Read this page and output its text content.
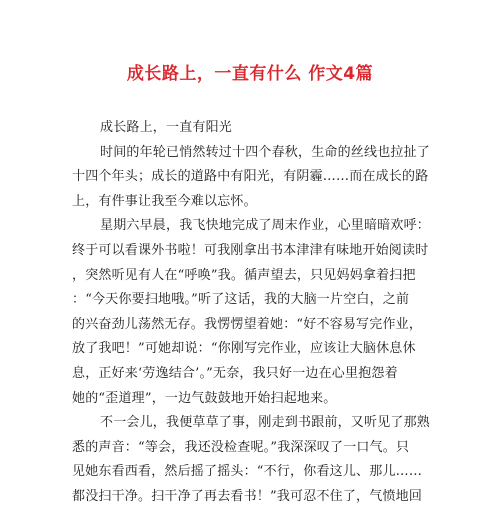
成长路上，一直有什么 作文4篇
成长路上，一直有阳光
时间的年轮已悄然转过十四个春秋，生命的丝线也拉扯了
十四个年头；成长的道路中有阳光，有阴霾……而在成长的路
上，有件事让我至今难以忘怀。
星期六早晨，我飞快地完成了周末作业，心里暗暗欢呼：
终于可以看课外书啦！可我刚拿出书本津津有味地开始阅读时
，突然听见有人在“呼唤”我。循声望去，只见妈妈拿着扫把
：“今天你要扫地哦。”听了这话，我的大脑一片空白，之前
的兴奋劲儿荡然无存。我愣愣望着她：“好不容易写完作业，
放了我吧！”可她却说：“你刚写完作业，应该让大脑休息休
息，正好来‘劳逸结合’。”无奈，我只好一边在心里抱怨着
她的“歪道理”，一边气鼓鼓地开始扫起地来。
不一会儿，我便草草了事，刚走到书跟前，又听见了那熟
悉的声音：“等会，我还没检查呢。”我深深叹了一口气。只
见她东看西看，然后摇了摇头：“不行，你看这儿、那儿……
都没扫干净。扫干净了再去看书！”我可忍不住了，气愤地回
